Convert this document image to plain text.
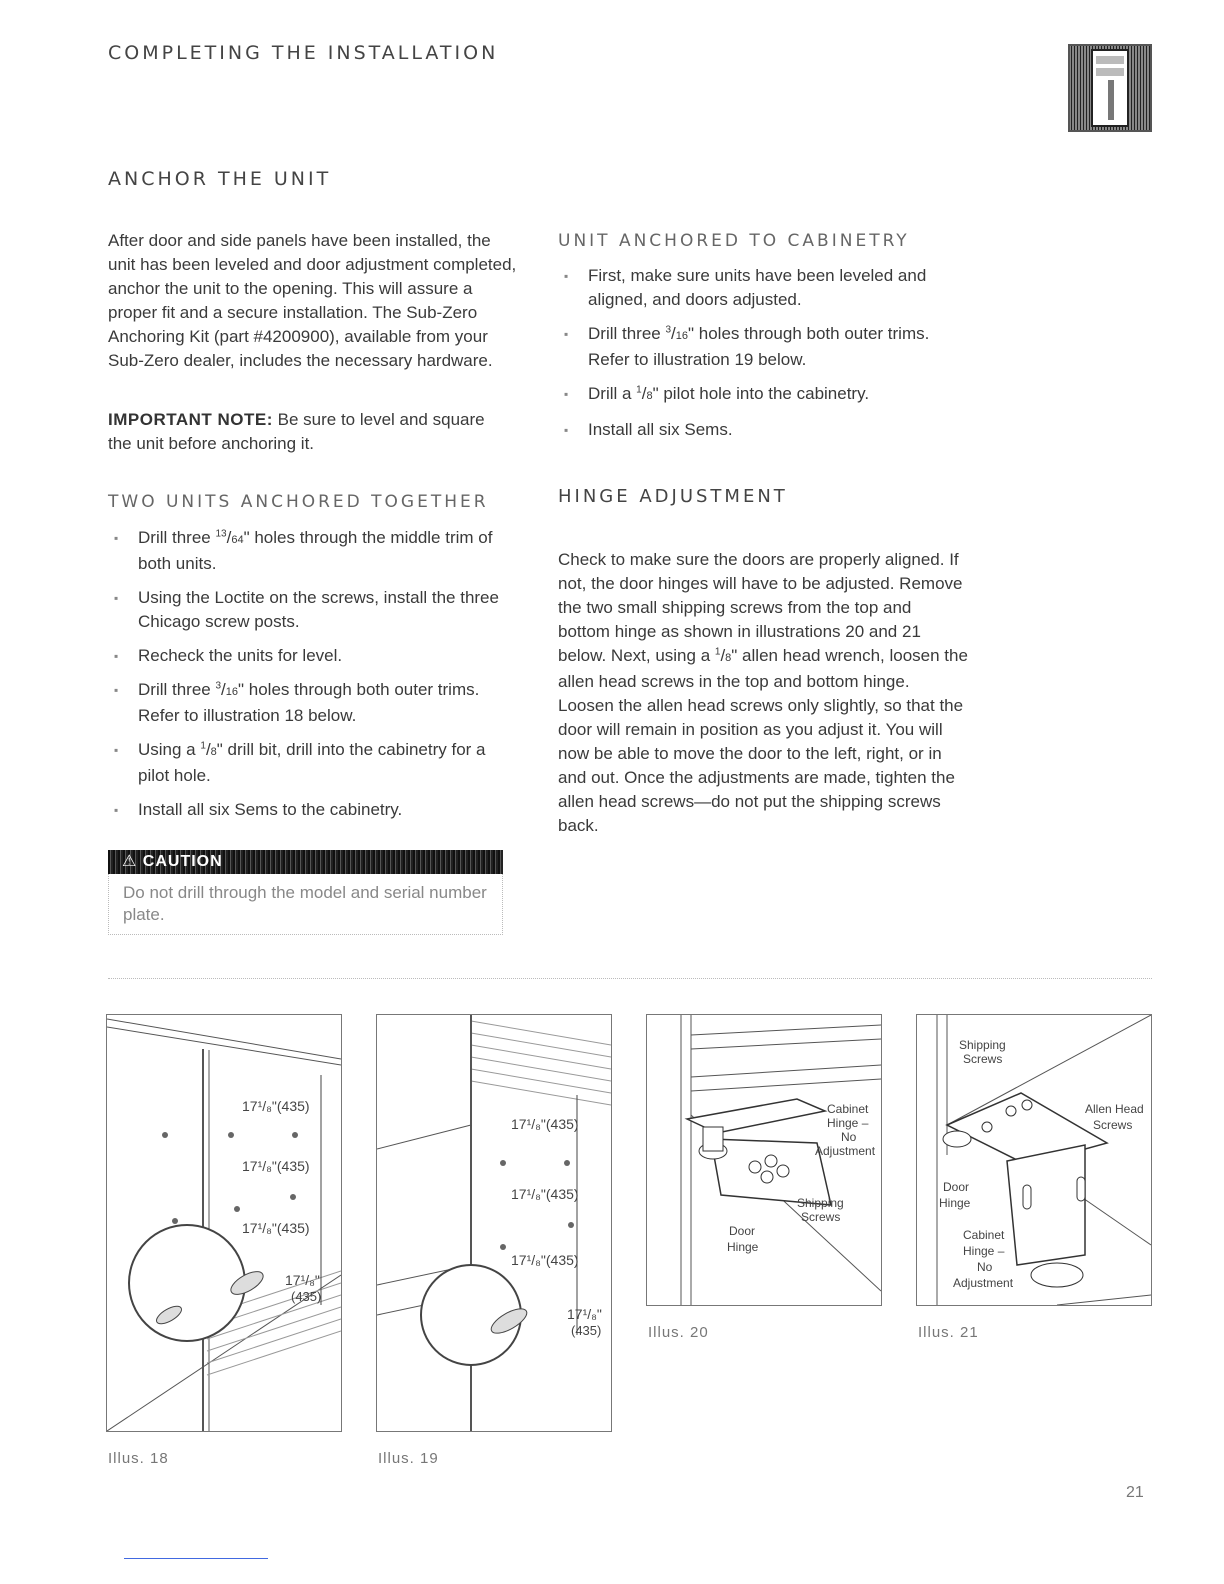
COMPLETING THE INSTALLATION
ANCHOR THE UNIT
After door and side panels have been installed, the unit has been leveled and door adjustment completed, anchor the unit to the opening. This will assure a proper fit and a secure installation. The Sub-Zero Anchoring Kit (part #4200900), available from your Sub-Zero dealer, includes the necessary hardware.
IMPORTANT NOTE: Be sure to level and square the unit before anchoring it.
TWO UNITS ANCHORED TOGETHER
▪ Drill three $^{13}$/64" holes through the middle trim of both units.
▪ Using the Loctite on the screws, install the three Chicago screw posts.
▪ Recheck the units for level.
▪ Drill three $^3$/16" holes through both outer trims. Refer to illustration 18 below.
▪ Using a $^1$/8" drill bit, drill into the cabinetry for a pilot hole.
▪ Install all six Sems to the cabinetry.
⚠ CAUTION
Do not drill through the model and serial number plate.
UNIT ANCHORED TO CABINETRY
▪ First, make sure units have been leveled and aligned, and doors adjusted.
▪ Drill three $^3$/16" holes through both outer trims. Refer to illustration 19 below.
▪ Drill a $^1$/8" pilot hole into the cabinetry.
▪ Install all six Sems.
HINGE ADJUSTMENT
Check to make sure the doors are properly aligned. If not, the door hinges will have to be adjusted. Remove the two small shipping screws from the top and bottom hinge as shown in illustrations 20 and 21 below. Next, using a $^1$/8" allen head wrench, loosen the allen head screws in the top and bottom hinge. Loosen the allen head screws only slightly, so that the door will remain in position as you adjust it. You will now be able to move the door to the left, right, or in and out. Once the adjustments are made, tighten the allen head screws—do not put the shipping screws back.
17¹/₈"(435)
17¹/₈"(435)
17¹/₈"(435)
17¹/₈"
(435)
Illus. 18
17¹/₈"(435)
17¹/₈"(435)
17¹/₈"(435)
17¹/₈"
(435)
Illus. 19
Cabinet
Hinge –
No
Adjustment
Shipping
Screws
Door
Hinge
Illus. 20
Shipping
Screws
Allen Head
Screws
Door
Hinge
Cabinet
Hinge –
No
Adjustment
Illus. 21
21
